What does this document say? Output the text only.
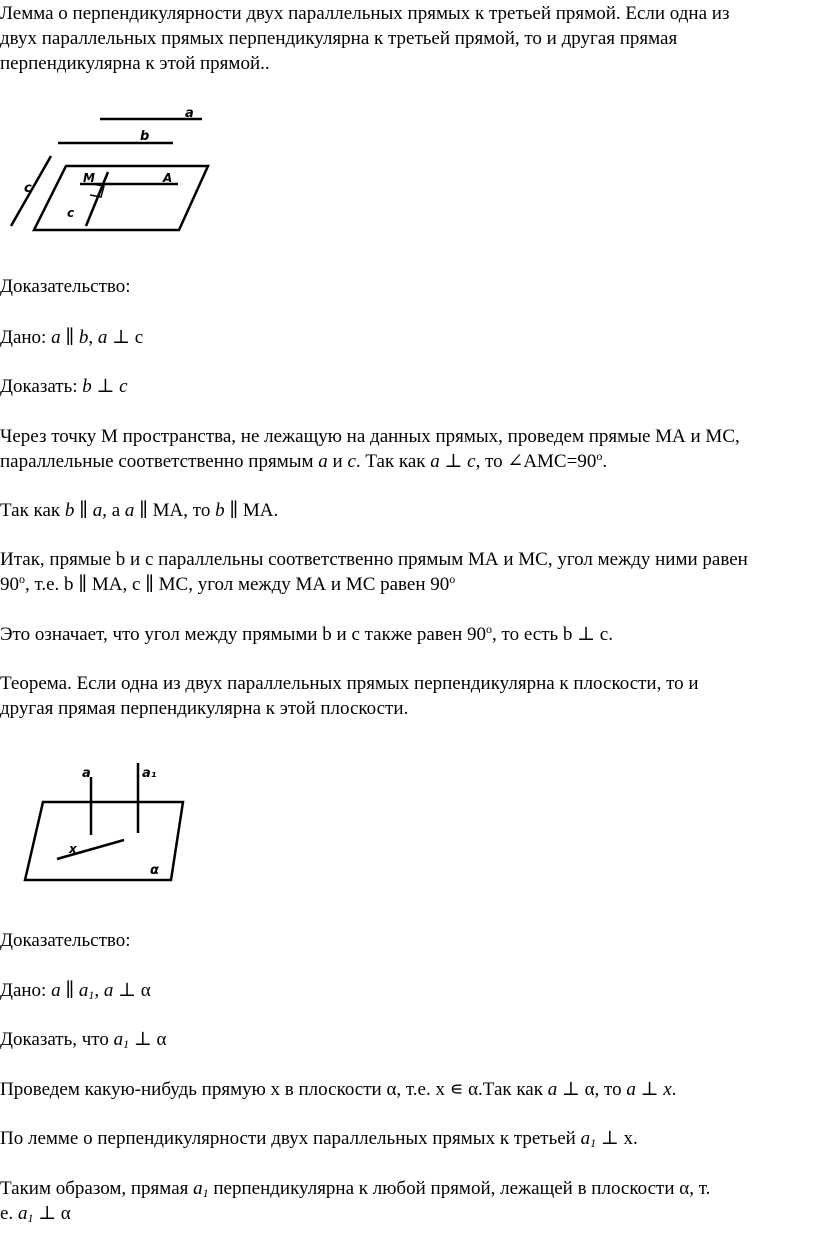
Лемма о перпендикулярности двух параллельных прямых к третьей прямой. Если одна из
двух параллельных прямых перпендикулярна к третьей прямой, то и другая прямая
перпендикулярна к этой прямой..
a
b
c
M	A
c
Доказательство:
Дано: a ∥ b, a ⊥ с
Доказать: b ⊥ c
Через точку М пространства, не лежащую на данных прямых, проведем прямые МА и МС,
параллельные соответственно прямым a и c. Так как a ⊥ c, то $\angle АМС=90^o$.
Так как b ∥ a, а a ∥ МА, то b ∥ МА.
Итак, прямые b и с параллельны соответственно прямым МА и МС, угол между ними равен
90$^o$, т.е. b ∥ МА, с ∥ МС, угол между МА и МС равен 90$^o$
Это означает, что угол между прямыми b и с также равен 90$^o$, то есть b ⊥ с.
Теорема. Если одна из двух параллельных прямых перпендикулярна к плоскости, то и
другая прямая перпендикулярна к этой плоскости.
a	a₁
x
α
Доказательство:
Дано: a ∥ $a_1$, a ⊥ α
Доказать, что $a_1$ ⊥ α
Проведем какую-нибудь прямую х в плоскости α, т.е. х ∊ α.Так как a ⊥ α, то a ⊥ x.
По лемме о перпендикулярности двух параллельных прямых к третьей $a_1$ ⊥ х.
Таким образом, прямая $a_1$ перпендикулярна к любой прямой, лежащей в плоскости α, т.
е. $a_1$ ⊥ α
